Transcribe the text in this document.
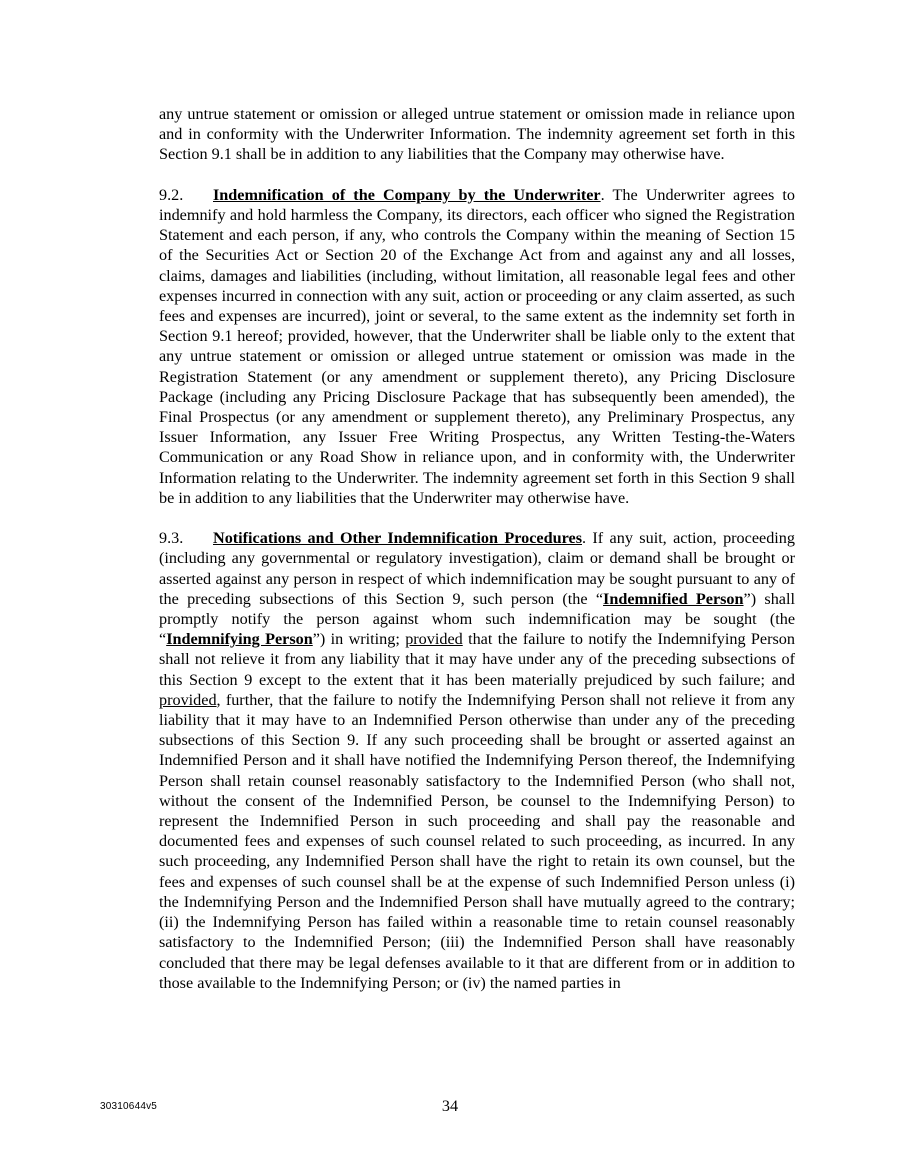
any untrue statement or omission or alleged untrue statement or omission made in reliance upon and in conformity with the Underwriter Information. The indemnity agreement set forth in this Section 9.1 shall be in addition to any liabilities that the Company may otherwise have.

9.2. Indemnification of the Company by the Underwriter. The Underwriter agrees to indemnify and hold harmless the Company, its directors, each officer who signed the Registration Statement and each person, if any, who controls the Company within the meaning of Section 15 of the Securities Act or Section 20 of the Exchange Act from and against any and all losses, claims, damages and liabilities (including, without limitation, all reasonable legal fees and other expenses incurred in connection with any suit, action or proceeding or any claim asserted, as such fees and expenses are incurred), joint or several, to the same extent as the indemnity set forth in Section 9.1 hereof; provided, however, that the Underwriter shall be liable only to the extent that any untrue statement or omission or alleged untrue statement or omission was made in the Registration Statement (or any amendment or supplement thereto), any Pricing Disclosure Package (including any Pricing Disclosure Package that has subsequently been amended), the Final Prospectus (or any amendment or supplement thereto), any Preliminary Prospectus, any Issuer Information, any Issuer Free Writing Prospectus, any Written Testing-the-Waters Communication or any Road Show in reliance upon, and in conformity with, the Underwriter Information relating to the Underwriter. The indemnity agreement set forth in this Section 9 shall be in addition to any liabilities that the Underwriter may otherwise have.

9.3. Notifications and Other Indemnification Procedures. If any suit, action, proceeding (including any governmental or regulatory investigation), claim or demand shall be brought or asserted against any person in respect of which indemnification may be sought pursuant to any of the preceding subsections of this Section 9, such person (the “Indemnified Person”) shall promptly notify the person against whom such indemnification may be sought (the “Indemnifying Person”) in writing; provided that the failure to notify the Indemnifying Person shall not relieve it from any liability that it may have under any of the preceding subsections of this Section 9 except to the extent that it has been materially prejudiced by such failure; and provided, further, that the failure to notify the Indemnifying Person shall not relieve it from any liability that it may have to an Indemnified Person otherwise than under any of the preceding subsections of this Section 9. If any such proceeding shall be brought or asserted against an Indemnified Person and it shall have notified the Indemnifying Person thereof, the Indemnifying Person shall retain counsel reasonably satisfactory to the Indemnified Person (who shall not, without the consent of the Indemnified Person, be counsel to the Indemnifying Person) to represent the Indemnified Person in such proceeding and shall pay the reasonable and documented fees and expenses of such counsel related to such proceeding, as incurred. In any such proceeding, any Indemnified Person shall have the right to retain its own counsel, but the fees and expenses of such counsel shall be at the expense of such Indemnified Person unless (i) the Indemnifying Person and the Indemnified Person shall have mutually agreed to the contrary; (ii) the Indemnifying Person has failed within a reasonable time to retain counsel reasonably satisfactory to the Indemnified Person; (iii) the Indemnified Person shall have reasonably concluded that there may be legal defenses available to it that are different from or in addition to those available to the Indemnifying Person; or (iv) the named parties in

30310644v5	34
